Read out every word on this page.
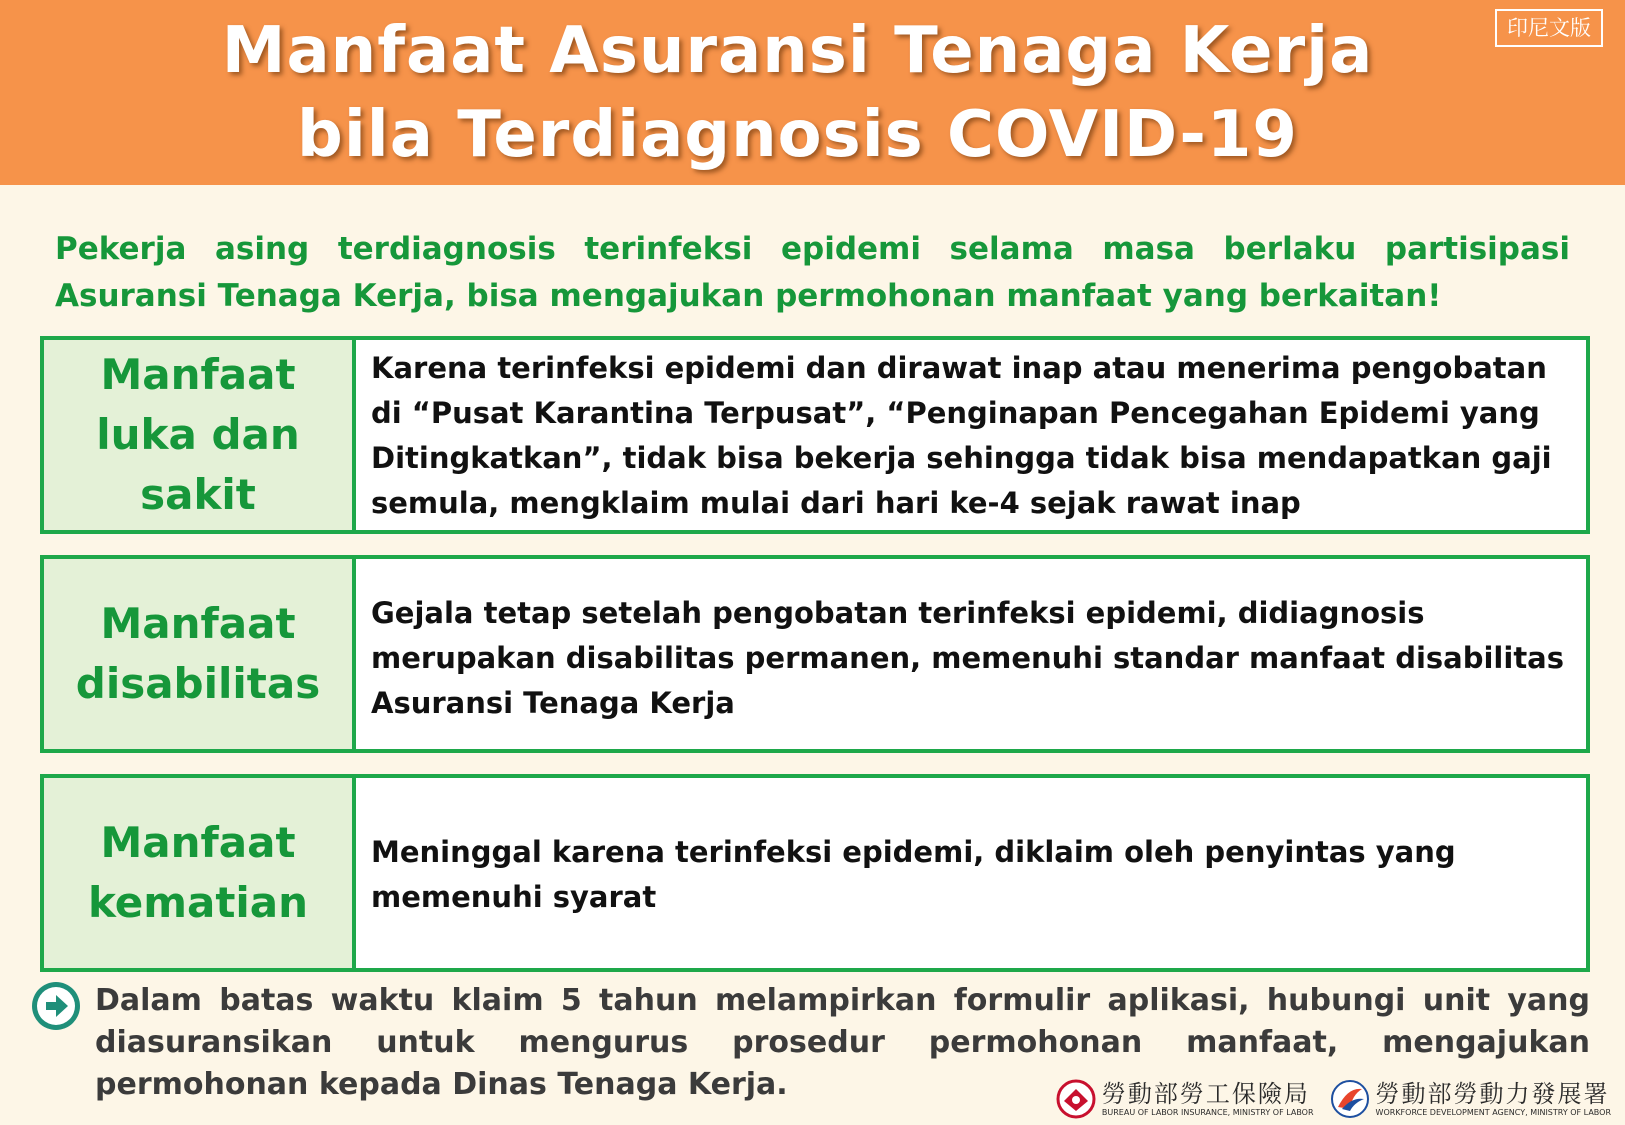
Manfaat Asuransi Tenaga Kerja bila Terdiagnosis COVID-19
印尼文版
Pekerja asing terdiagnosis terinfeksi epidemi selama masa berlaku partisipasi Asuransi Tenaga Kerja, bisa mengajukan permohonan manfaat yang berkaitan!
Manfaat luka dan sakit
Karena terinfeksi epidemi dan dirawat inap atau menerima pengobatan di “Pusat Karantina Terpusat”, “Penginapan Pencegahan Epidemi yang Ditingkatkan”, tidak bisa bekerja sehingga tidak bisa mendapatkan gaji semula, mengklaim mulai dari hari ke-4 sejak rawat inap
Manfaat disabilitas
Gejala tetap setelah pengobatan terinfeksi epidemi, didiagnosis merupakan disabilitas permanen, memenuhi standar manfaat disabilitas Asuransi Tenaga Kerja
Manfaat kematian
Meninggal karena terinfeksi epidemi, diklaim oleh penyintas yang memenuhi syarat
Dalam batas waktu klaim 5 tahun melampirkan formulir aplikasi, hubungi unit yang diasuransikan untuk mengurus prosedur permohonan manfaat, mengajukan permohonan kepada Dinas Tenaga Kerja.	勞動部勞工保險局
BUREAU OF LABOR INSURANCE, MINISTRY OF LABOR
勞動部勞動力發展署
WORKFORCE DEVELOPMENT AGENCY, MINISTRY OF LABOR
